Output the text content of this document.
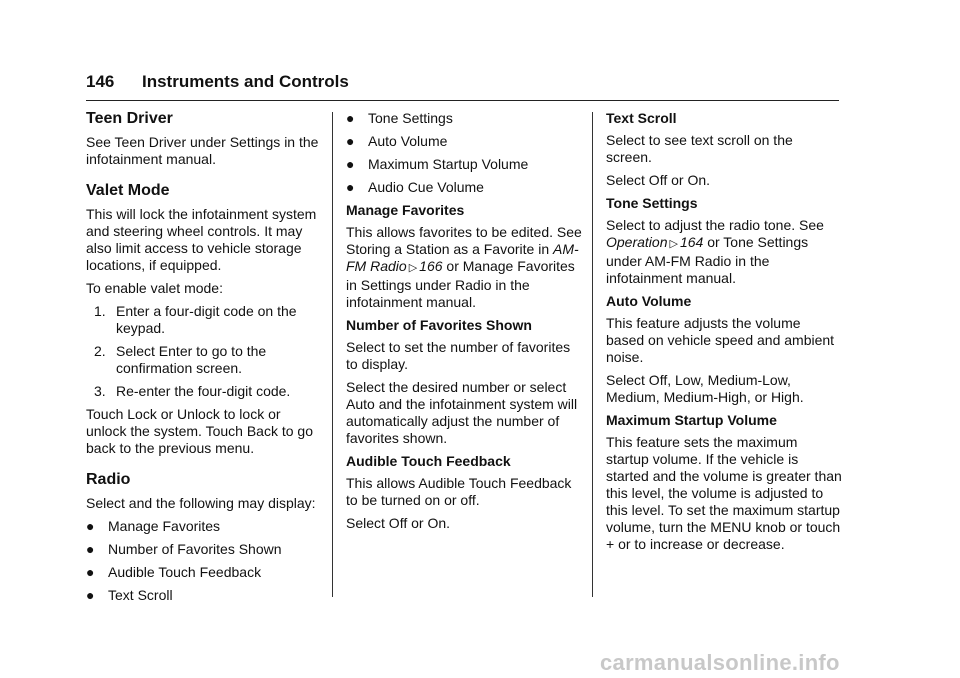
146 Instruments and Controls
Teen Driver

See Teen Driver under Settings in the infotainment manual.

Valet Mode

This will lock the infotainment system and steering wheel controls. It may also limit access to vehicle storage locations, if equipped.

To enable valet mode:

1. Enter a four-digit code on the keypad.
2. Select Enter to go to the confirmation screen.
3. Re-enter the four-digit code.

Touch Lock or Unlock to lock or unlock the system. Touch Back to go back to the previous menu.

Radio

Select and the following may display:

● Manage Favorites
● Number of Favorites Shown
● Audible Touch Feedback
● Text Scroll
● Tone Settings
● Auto Volume
● Maximum Startup Volume
● Audio Cue Volume
Manage Favorites

This allows favorites to be edited. See Storing a Station as a Favorite in AM-FM Radio ▷ 166 or Manage Favorites in Settings under Radio in the infotainment manual.

Number of Favorites Shown

Select to set the number of favorites to display.

Select the desired number or select Auto and the infotainment system will automatically adjust the number of favorites shown.

Audible Touch Feedback

This allows Audible Touch Feedback to be turned on or off.

Select Off or On.

Text Scroll

Select to see text scroll on the screen.

Select Off or On.

Tone Settings

Select to adjust the radio tone. See Operation ▷ 164 or Tone Settings under AM-FM Radio in the infotainment manual.

Auto Volume

This feature adjusts the volume based on vehicle speed and ambient noise.

Select Off, Low, Medium-Low, Medium, Medium-High, or High.

Maximum Startup Volume

This feature sets the maximum startup volume. If the vehicle is started and the volume is greater than this level, the volume is adjusted to this level. To set the maximum startup volume, turn the MENU knob or touch + or to increase or decrease.

carmanualsonline.info
